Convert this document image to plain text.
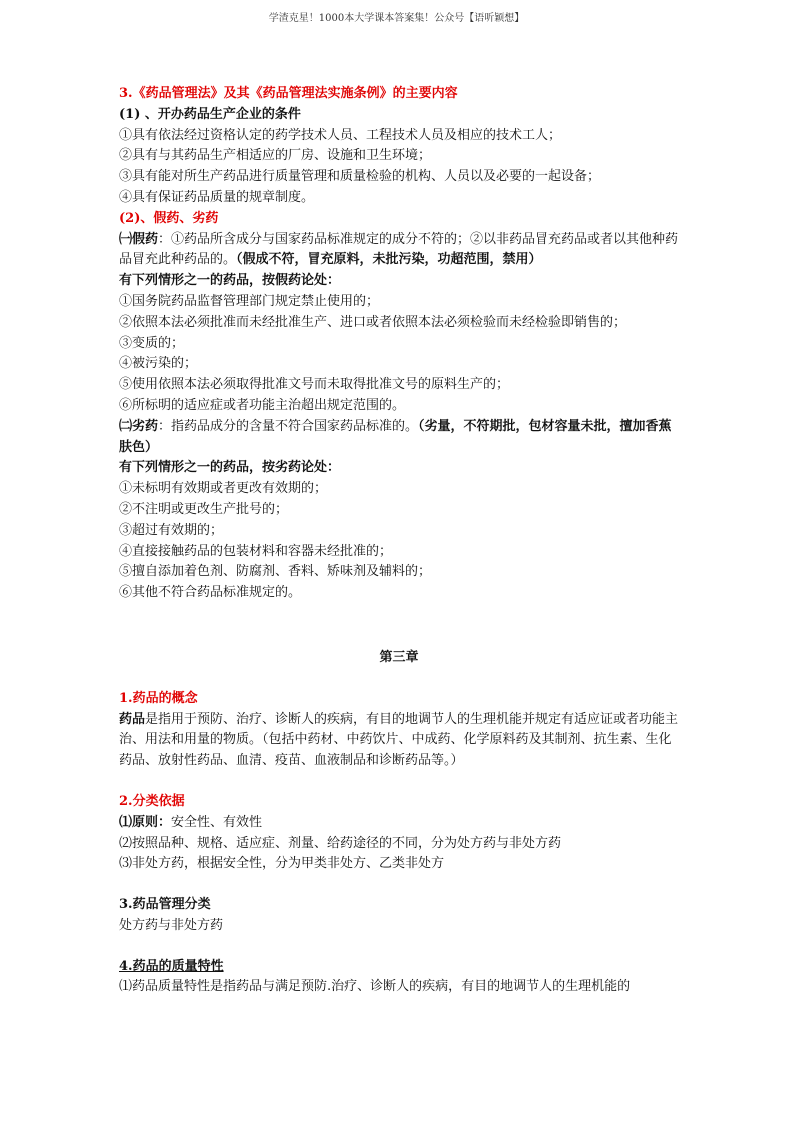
学渣克星！1000本大学课本答案集！公众号【语听颖想】
3.《药品管理法》及其《药品管理法实施条例》的主要内容
(1) 、开办药品生产企业的条件
①具有依法经过资格认定的药学技术人员、工程技术人员及相应的技术工人；
②具有与其药品生产相适应的厂房、设施和卫生环境；
③具有能对所生产药品进行质量管理和质量检验的机构、人员以及必要的一起设备；
④具有保证药品质量的规章制度。
(2)、假药、劣药
㈠假药：①药品所含成分与国家药品标准规定的成分不符的；②以非药品冒充药品或者以其他种药品冒充此种药品的。（假成不符，冒充原料，未批污染，功超范围，禁用）
有下列情形之一的药品，按假药论处：
①国务院药品监督管理部门规定禁止使用的；
②依照本法必须批准而未经批准生产、进口或者依照本法必须检验而未经检验即销售的；
③变质的；
④被污染的；
⑤使用依照本法必须取得批准文号而未取得批准文号的原料生产的；
⑥所标明的适应症或者功能主治超出规定范围的。
㈡劣药：指药品成分的含量不符合国家药品标准的。（劣量，不符期批，包材容量未批，擅加香蕉肤色）
有下列情形之一的药品，按劣药论处：
①未标明有效期或者更改有效期的；
②不注明或更改生产批号的；
③超过有效期的；
④直接接触药品的包装材料和容器未经批准的；
⑤擅自添加着色剂、防腐剂、香料、矫味剂及辅料的；
⑥其他不符合药品标准规定的。
第三章
1.药品的概念
药品是指用于预防、治疗、诊断人的疾病，有目的地调节人的生理机能并规定有适应证或者功能主治、用法和用量的物质。（包括中药材、中药饮片、中成药、化学原料药及其制剂、抗生素、生化药品、放射性药品、血清、疫苗、血液制品和诊断药品等。）
2.分类依据
⑴原则：安全性、有效性
⑵按照品种、规格、适应症、剂量、给药途径的不同，分为处方药与非处方药
⑶非处方药，根据安全性，分为甲类非处方、乙类非处方
3.药品管理分类
处方药与非处方药
4.药品的质量特性
⑴药品质量特性是指药品与满足预防.治疗、诊断人的疾病，有目的地调节人的生理机能的
